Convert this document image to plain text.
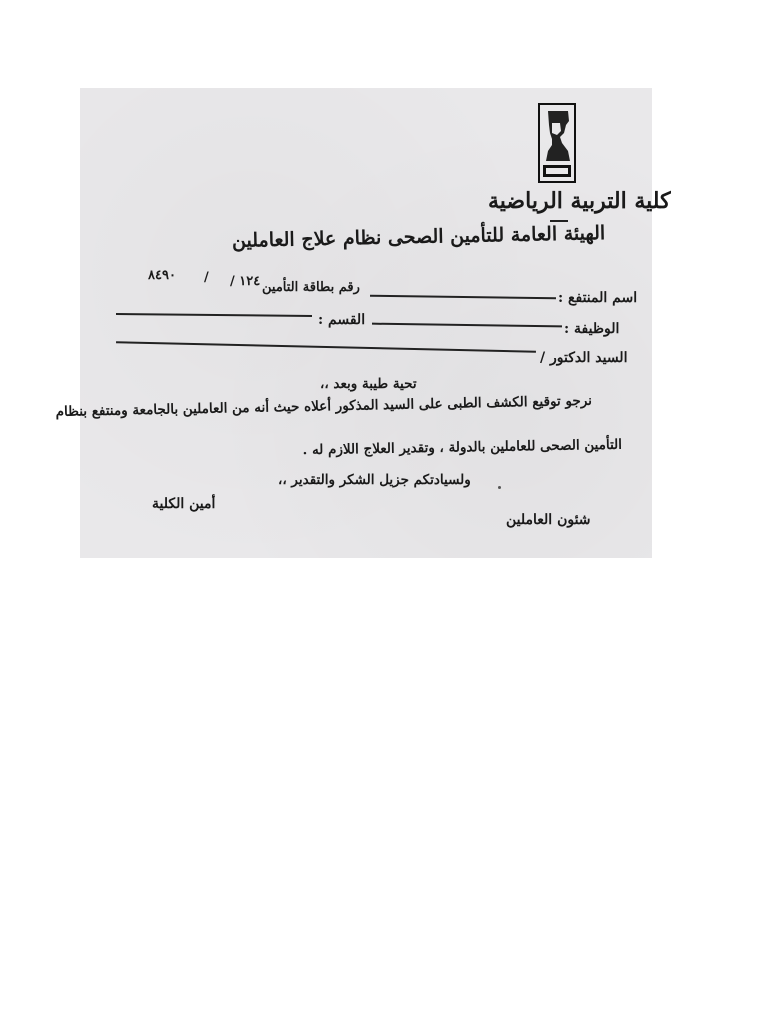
كلية التربية الرياضية
الهيئة العامة للتأمين الصحى نظام علاج العاملين
اسم المنتفع :
رقم بطاقة التأمين
١٢٤ /
/
٨٤٩٠
الوظيفة :
القسم :
السيد الدكتور /
تحية طيبة وبعد ،،
نرجو توقيع الكشف الطبى على السيد المذكور أعلاه حيث أنه من العاملين بالجامعة ومنتفع بنظام
التأمين الصحى للعاملين بالدولة ، وتقدير العلاج اللازم له .
ولسيادتكم جزيل الشكر والتقدير ،،
أمين الكلية
شئون العاملين
